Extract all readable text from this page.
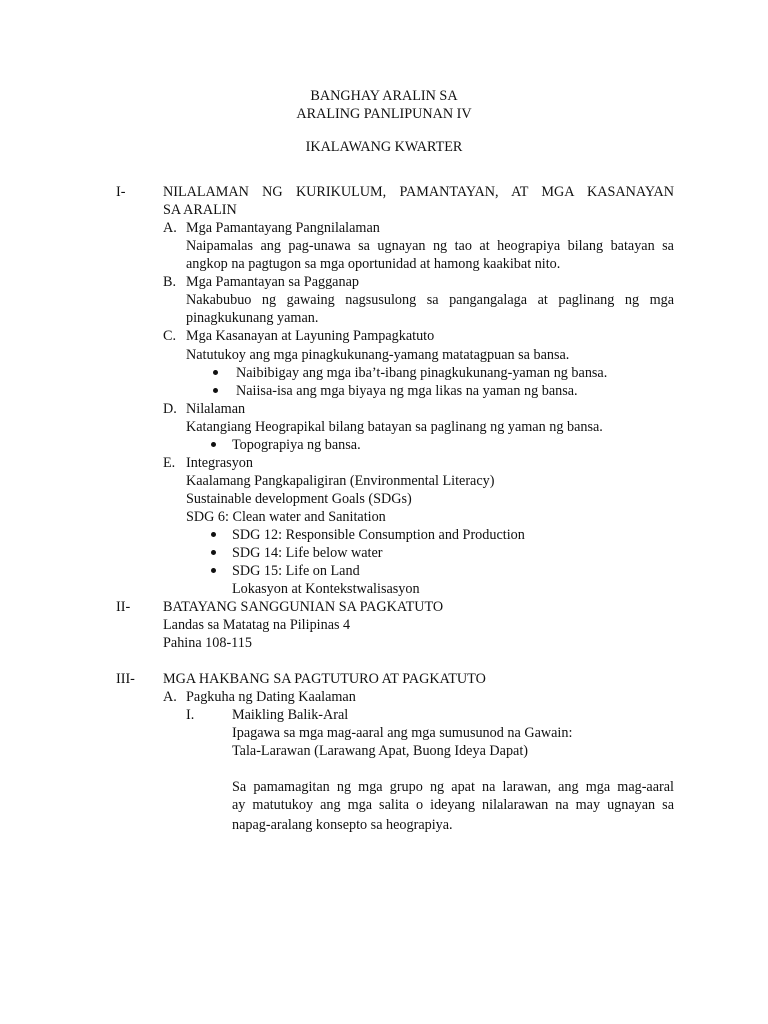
BANGHAY ARALIN SA
ARALING PANLIPUNAN IV
IKALAWANG KWARTER
I-	NILALAMAN NG KURIKULUM, PAMANTAYAN, AT MGA KASANAYAN
SA ARALIN
A. Mga Pamantayang Pangnilalaman
Naipamalas ang pag-unawa sa ugnayan ng tao at heograpiya bilang batayan sa
angkop na pagtugon sa mga oportunidad at hamong kaakibat nito.
B. Mga Pamantayan sa Pagganap
Nakabubuo ng gawaing nagsusulong sa pangangalaga at paglinang ng mga
pinagkukunang yaman.
C. Mga Kasanayan at Layuning Pampagkatuto
Natutukoy ang mga pinagkukunang-yamang matatagpuan sa bansa.
Naibibigay ang mga iba’t-ibang pinagkukunang-yaman ng bansa.
Naiisa-isa ang mga biyaya ng mga likas na yaman ng bansa.
D. Nilalaman
Katangiang Heograpikal bilang batayan sa paglinang ng yaman ng bansa.
Topograpiya ng bansa.
E. Integrasyon
Kaalamang Pangkapaligiran (Environmental Literacy)
Sustainable development Goals (SDGs)
SDG 6: Clean water and Sanitation
SDG 12: Responsible Consumption and Production
SDG 14: Life below water
SDG 15: Life on Land
Lokasyon at Kontekstwalisasyon
II- BATAYANG SANGGUNIAN SA PAGKATUTO
Landas sa Matatag na Pilipinas 4
Pahina 108-115
III- MGA HAKBANG SA PAGTUTURO AT PAGKATUTO
A. Pagkuha ng Dating Kaalaman
I.	Maikling Balik-Aral
Ipagawa sa mga mag-aaral ang mga sumusunod na Gawain:
Tala-Larawan (Larawang Apat, Buong Ideya Dapat)
Sa pamamagitan ng mga grupo ng apat na larawan, ang mga mag-aaral
ay matutukoy ang mga salita o ideyang nilalarawan na may ugnayan sa
napag-aralang konsepto sa heograpiya.
